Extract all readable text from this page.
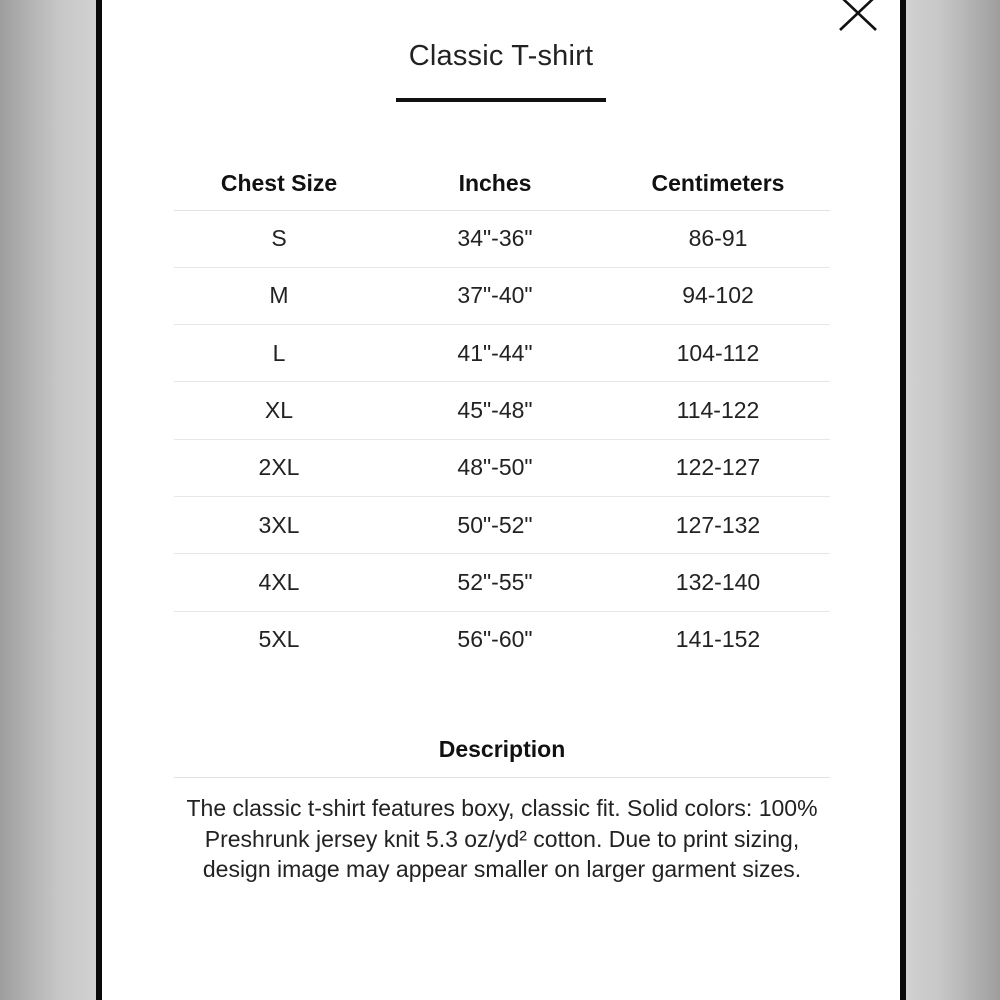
Classic T-shirt
Chest Size	Inches	Centimeters
S	34"-36"	86-91
M	37"-40"	94-102
L	41"-44"	104-112
XL	45"-48"	114-122
2XL	48"-50"	122-127
3XL	50"-52"	127-132
4XL	52"-55"	132-140
5XL	56"-60"	141-152
Description
The classic t-shirt features boxy, classic fit. Solid colors: 100% Preshrunk jersey knit 5.3 oz/yd² cotton. Due to print sizing, design image may appear smaller on larger garment sizes.
